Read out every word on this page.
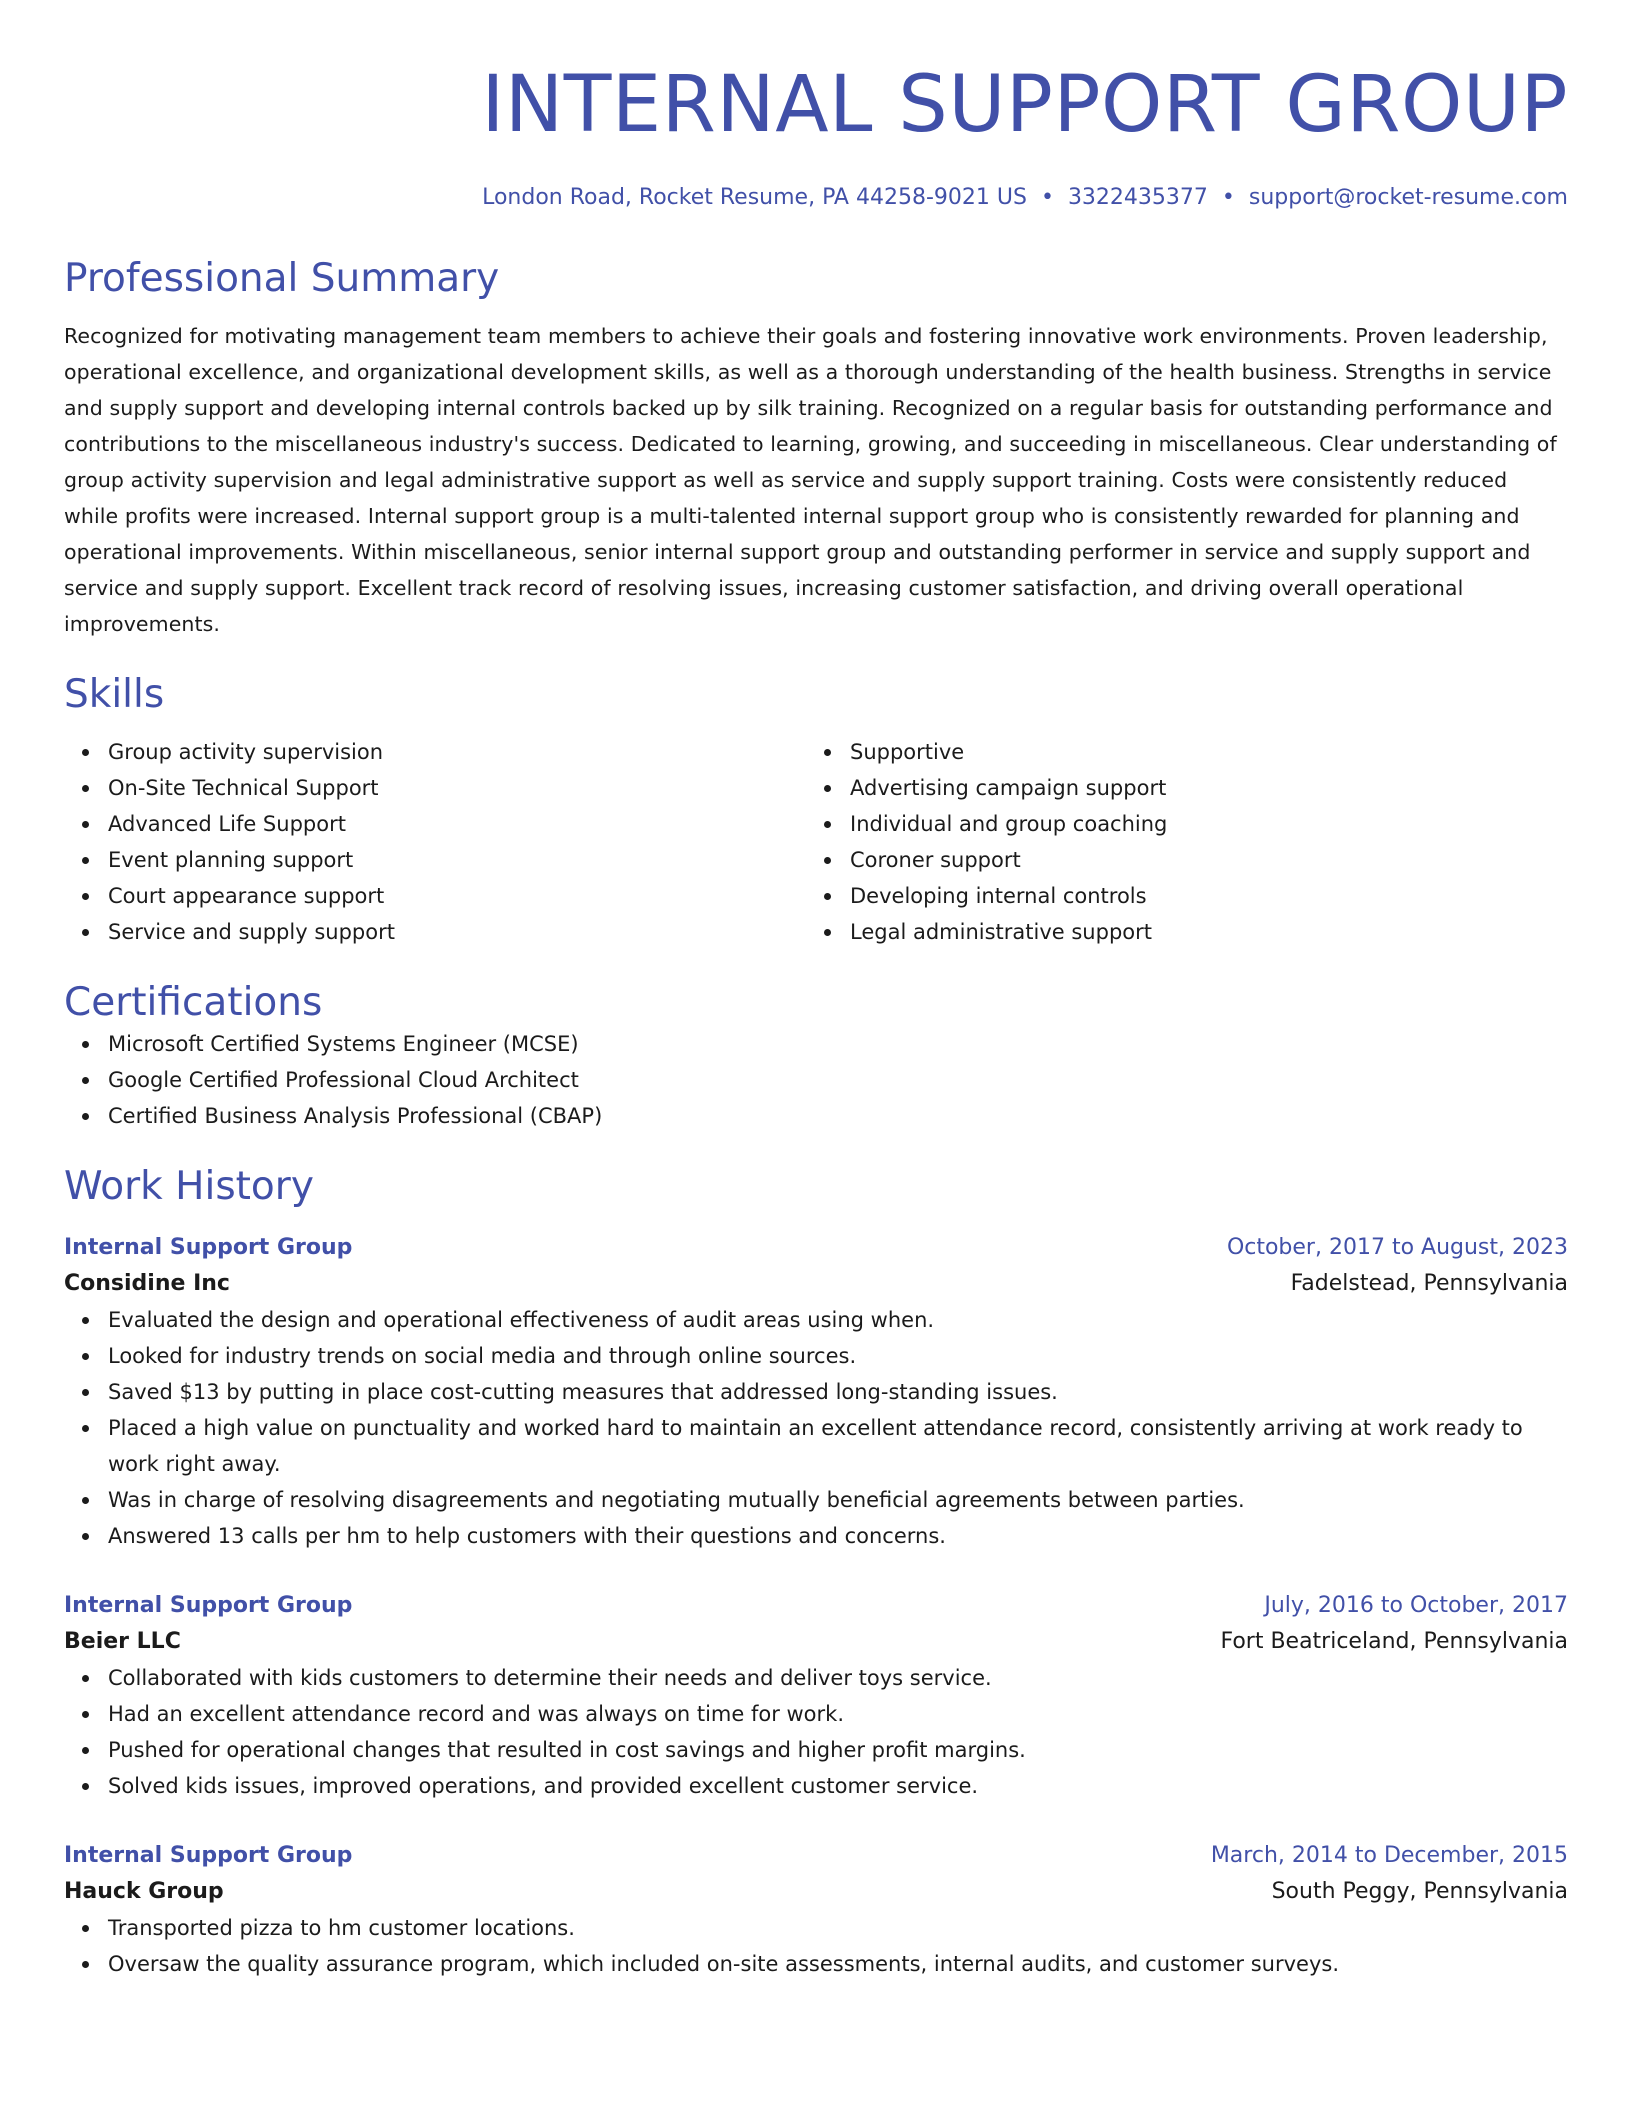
INTERNAL SUPPORT GROUP
London Road, Rocket Resume, PA 44258-9021 US • 3322435377 • support@rocket-resume.com
Professional Summary

Recognized for motivating management team members to achieve their goals and fostering innovative work environments. Proven leadership, operational excellence, and organizational development skills, as well as a thorough understanding of the health business. Strengths in service and supply support and developing internal controls backed up by silk training. Recognized on a regular basis for outstanding performance and contributions to the miscellaneous industry's success. Dedicated to learning, growing, and succeeding in miscellaneous. Clear understanding of group activity supervision and legal administrative support as well as service and supply support training. Costs were consistently reduced while profits were increased. Internal support group is a multi-talented internal support group who is consistently rewarded for planning and operational improvements. Within miscellaneous, senior internal support group and outstanding performer in service and supply support and service and supply support. Excellent track record of resolving issues, increasing customer satisfaction, and driving overall operational improvements.

Skills
Group activity supervision
On-Site Technical Support
Advanced Life Support
Event planning support
Court appearance support
Service and supply support
Supportive
Advertising campaign support
Individual and group coaching
Coroner support
Developing internal controls
Legal administrative support
Certifications
Microsoft Certified Systems Engineer (MCSE)
Google Certified Professional Cloud Architect
Certified Business Analysis Professional (CBAP)
Work History
Internal Support Group	October, 2017 to August, 2023
Considine Inc	Fadelstead, Pennsylvania
Evaluated the design and operational effectiveness of audit areas using when.
Looked for industry trends on social media and through online sources.
Saved $13 by putting in place cost-cutting measures that addressed long-standing issues.
Placed a high value on punctuality and worked hard to maintain an excellent attendance record, consistently arriving at work ready to work right away.
Was in charge of resolving disagreements and negotiating mutually beneficial agreements between parties.
Answered 13 calls per hm to help customers with their questions and concerns.
Internal Support Group	July, 2016 to October, 2017
Beier LLC	Fort Beatriceland, Pennsylvania
Collaborated with kids customers to determine their needs and deliver toys service.
Had an excellent attendance record and was always on time for work.
Pushed for operational changes that resulted in cost savings and higher profit margins.
Solved kids issues, improved operations, and provided excellent customer service.
Internal Support Group	March, 2014 to December, 2015
Hauck Group	South Peggy, Pennsylvania
Transported pizza to hm customer locations.
Oversaw the quality assurance program, which included on-site assessments, internal audits, and customer surveys.
